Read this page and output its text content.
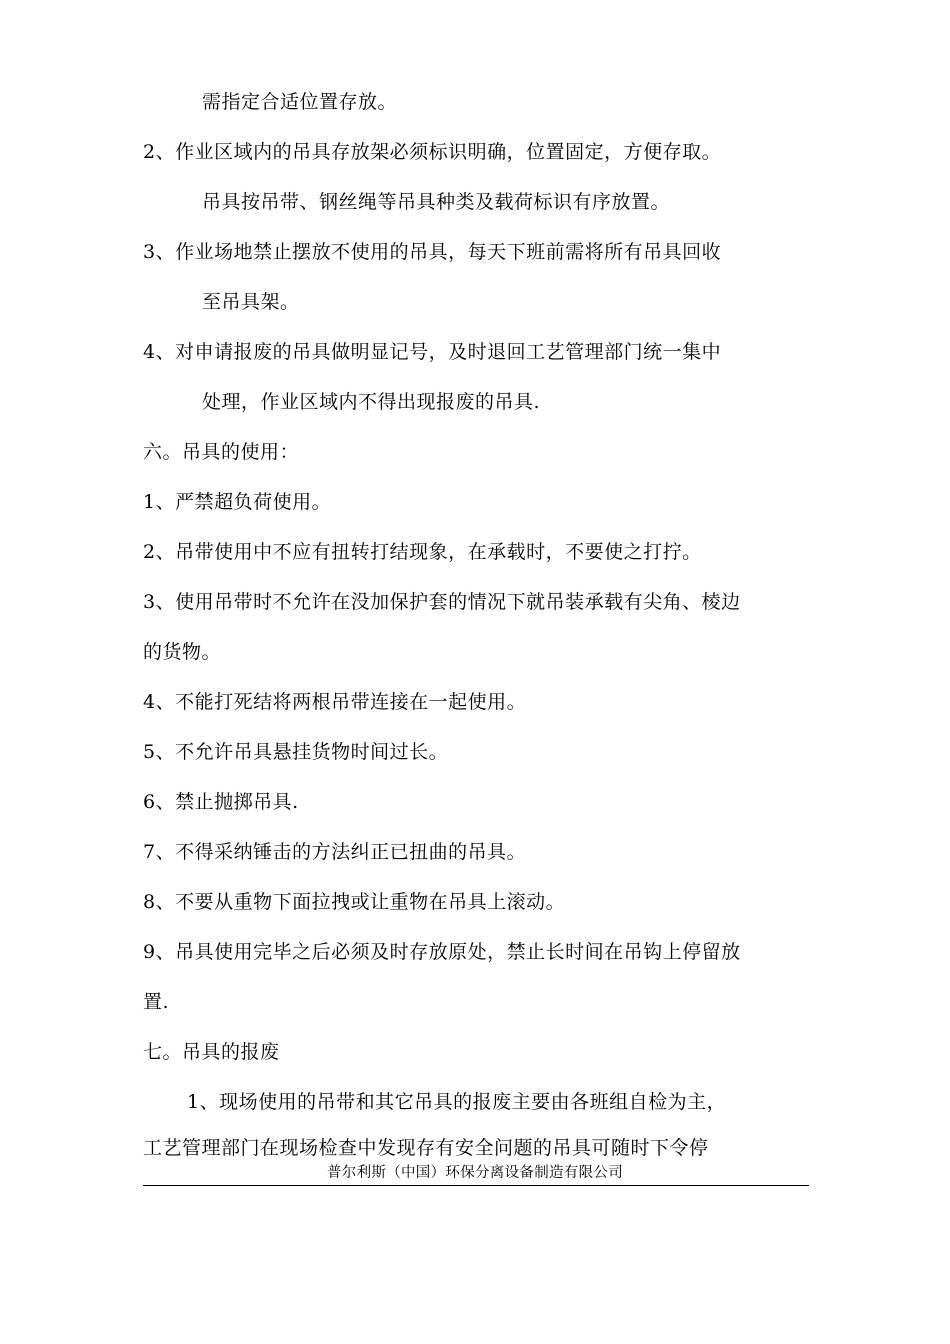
需指定合适位置存放。
2、作业区域内的吊具存放架必须标识明确，位置固定，方便存取。
吊具按吊带、钢丝绳等吊具种类及载荷标识有序放置。
3、作业场地禁止摆放不使用的吊具，每天下班前需将所有吊具回收
至吊具架。
4、对申请报废的吊具做明显记号，及时退回工艺管理部门统一集中
处理，作业区域内不得出现报废的吊具.
六。吊具的使用：
1、严禁超负荷使用。
2、吊带使用中不应有扭转打结现象，在承载时，不要使之打拧。
3、使用吊带时不允许在没加保护套的情况下就吊装承载有尖角、棱边
的货物。
4、不能打死结将两根吊带连接在一起使用。
5、不允许吊具悬挂货物时间过长。
6、禁止抛掷吊具.
7、不得采纳锤击的方法纠正已扭曲的吊具。
8、不要从重物下面拉拽或让重物在吊具上滚动。
9、吊具使用完毕之后必须及时存放原处，禁止长时间在吊钩上停留放
置.
七。吊具的报废
1、现场使用的吊带和其它吊具的报废主要由各班组自检为主，
工艺管理部门在现场检查中发现存有安全问题的吊具可随时下令停
普尔利斯（中国）环保分离设备制造有限公司
